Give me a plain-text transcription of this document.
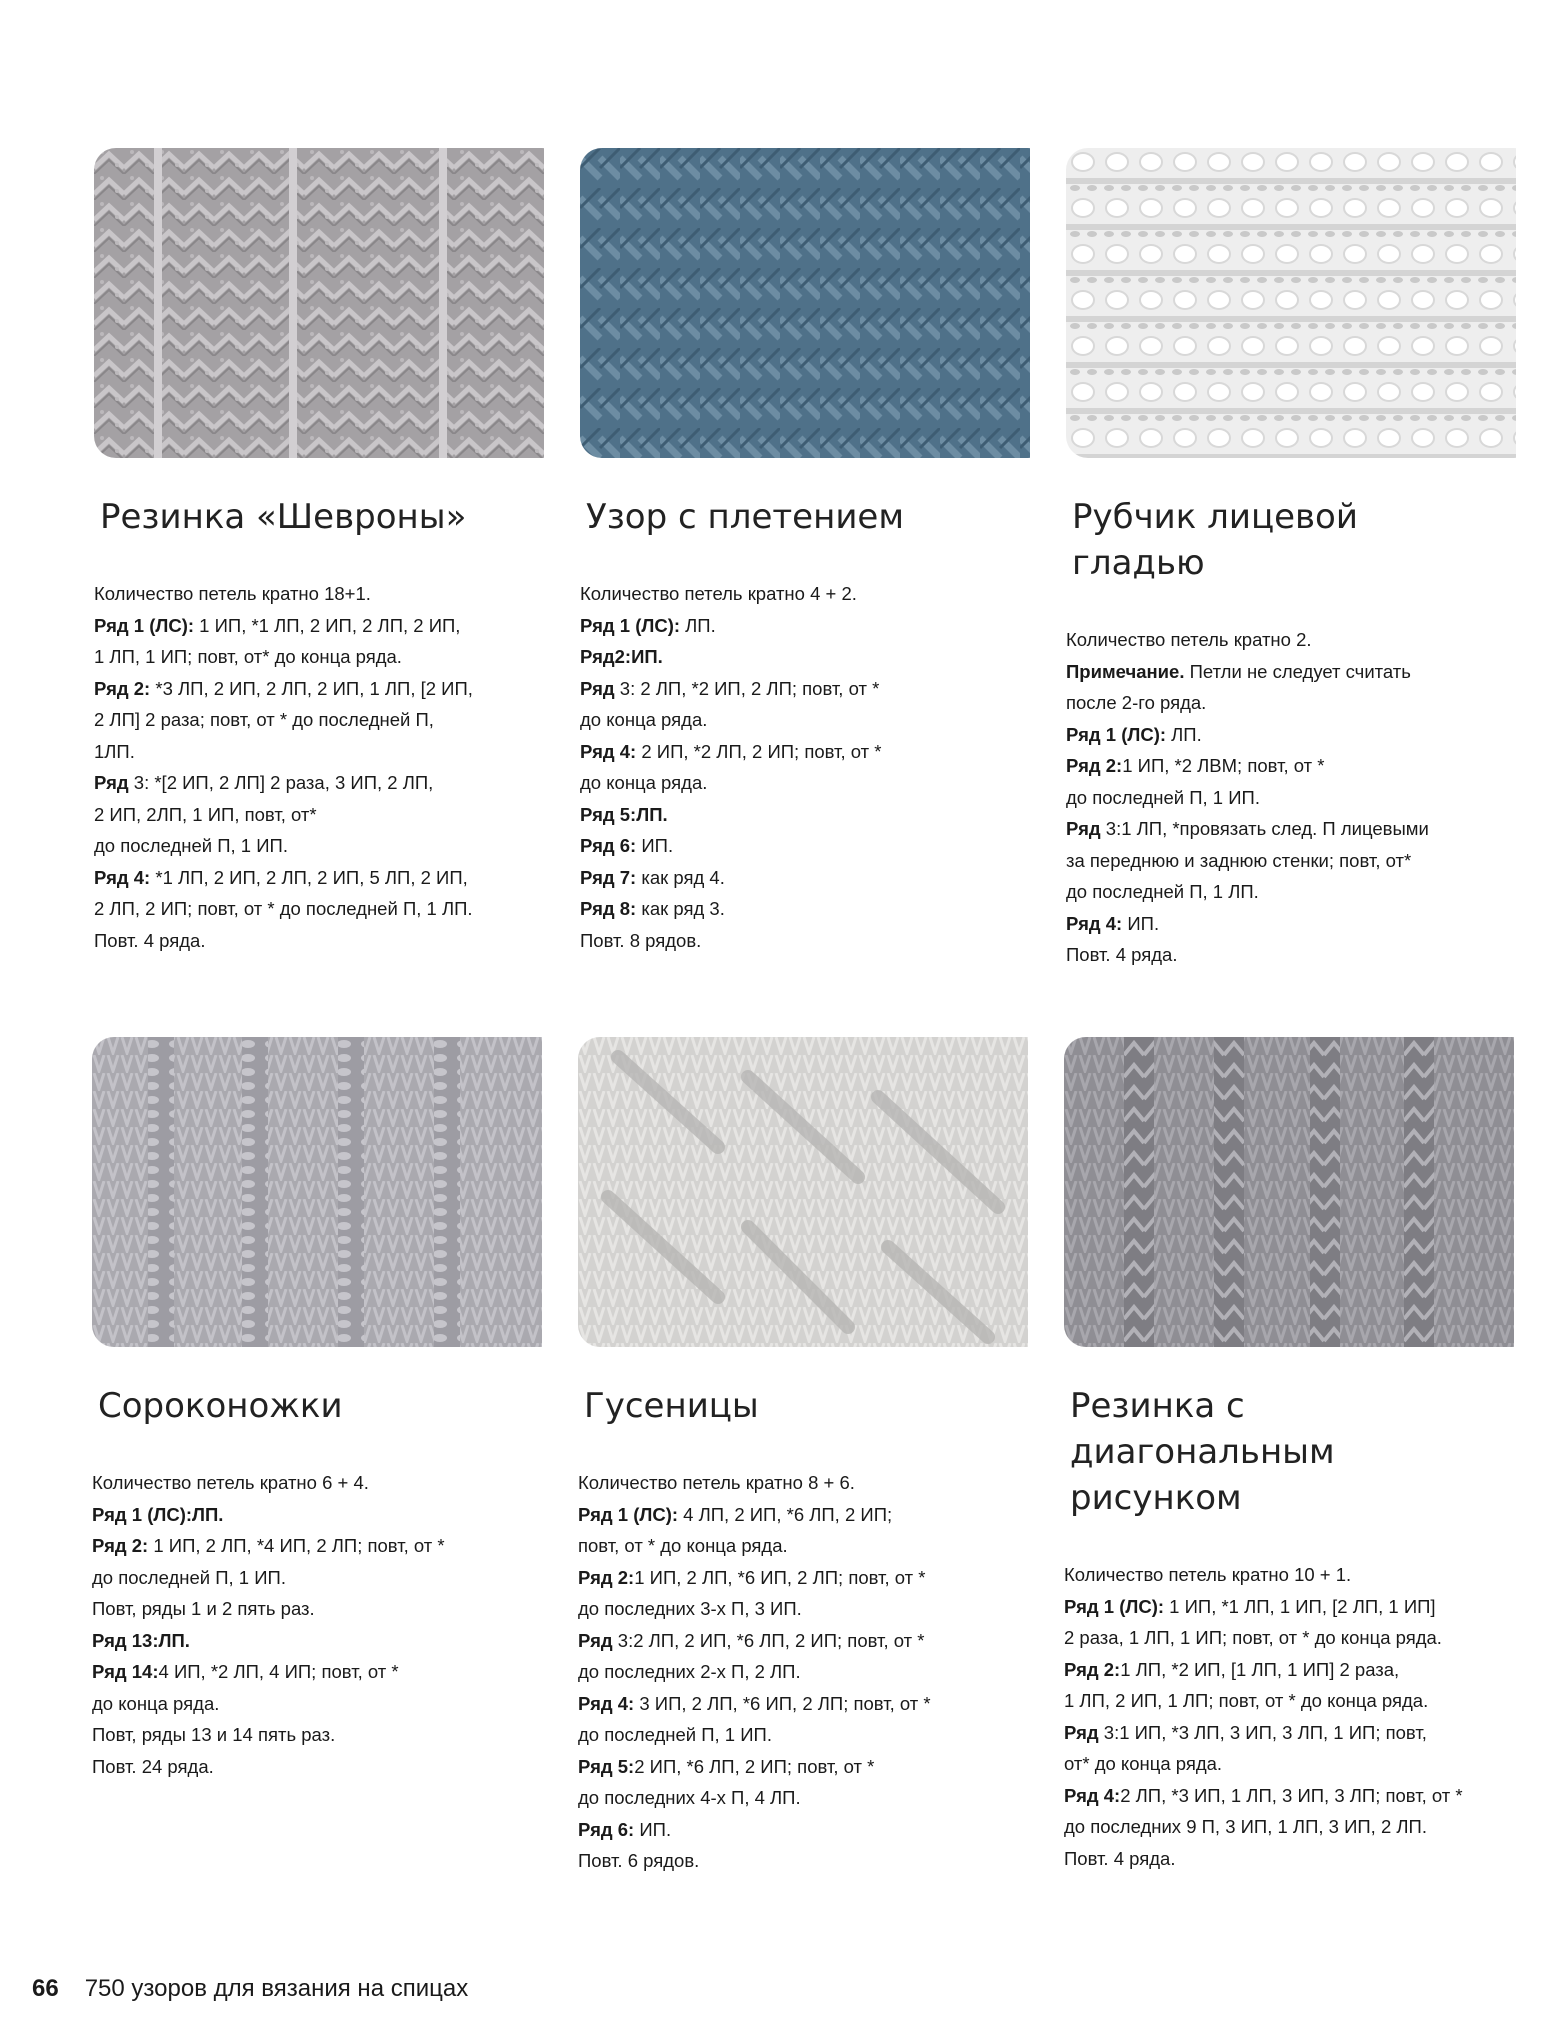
Резинка «Шевроны»
Количество петель кратно 18+1.
Ряд 1 (ЛС): 1 ИП, *1 ЛП, 2 ИП, 2 ЛП, 2 ИП,
1 ЛП, 1 ИП; повт, от* до конца ряда.
Ряд 2: *3 ЛП, 2 ИП, 2 ЛП, 2 ИП, 1 ЛП, [2 ИП,
2 ЛП] 2 раза; повт, от * до последней П,
1ЛП.
Ряд 3: *[2 ИП, 2 ЛП] 2 раза, 3 ИП, 2 ЛП,
2 ИП, 2ЛП, 1 ИП, повт, от*
до последней П, 1 ИП.
Ряд 4: *1 ЛП, 2 ИП, 2 ЛП, 2 ИП, 5 ЛП, 2 ИП,
2 ЛП, 2 ИП; повт, от * до последней П, 1 ЛП.
Повт. 4 ряда.
Узор с плетением
Количество петель кратно 4 + 2.
Ряд 1 (ЛС): ЛП.
Ряд2:ИП.
Ряд 3: 2 ЛП, *2 ИП, 2 ЛП; повт, от *
до конца ряда.
Ряд 4: 2 ИП, *2 ЛП, 2 ИП; повт, от *
до конца ряда.
Ряд 5:ЛП.
Ряд 6: ИП.
Ряд 7: как ряд 4.
Ряд 8: как ряд 3.
Повт. 8 рядов.
Рубчик лицевой гладью
Количество петель кратно 2.
Примечание. Петли не следует считать
после 2-го ряда.
Ряд 1 (ЛС): ЛП.
Ряд 2:1 ИП, *2 ЛВМ; повт, от *
до последней П, 1 ИП.
Ряд 3:1 ЛП, *провязать след. П лицевыми
за переднюю и заднюю стенки; повт, от*
до последней П, 1 ЛП.
Ряд 4: ИП.
Повт. 4 ряда.
Сороконожки
Количество петель кратно 6 + 4.
Ряд 1 (ЛС):ЛП.
Ряд 2: 1 ИП, 2 ЛП, *4 ИП, 2 ЛП; повт, от *
до последней П, 1 ИП.
Повт, ряды 1 и 2 пять раз.
Ряд 13:ЛП.
Ряд 14:4 ИП, *2 ЛП, 4 ИП; повт, от *
до конца ряда.
Повт, ряды 13 и 14 пять раз.
Повт. 24 ряда.
Гусеницы
Количество петель кратно 8 + 6.
Ряд 1 (ЛС): 4 ЛП, 2 ИП, *6 ЛП, 2 ИП;
повт, от * до конца ряда.
Ряд 2:1 ИП, 2 ЛП, *6 ИП, 2 ЛП; повт, от *
до последних 3-х П, 3 ИП.
Ряд 3:2 ЛП, 2 ИП, *6 ЛП, 2 ИП; повт, от *
до последних 2-х П, 2 ЛП.
Ряд 4: 3 ИП, 2 ЛП, *6 ИП, 2 ЛП; повт, от *
до последней П, 1 ИП.
Ряд 5:2 ИП, *6 ЛП, 2 ИП; повт, от *
до последних 4-х П, 4 ЛП.
Ряд 6: ИП.
Повт. 6 рядов.
Резинка с диагональным рисунком
Количество петель кратно 10 + 1.
Ряд 1 (ЛС): 1 ИП, *1 ЛП, 1 ИП, [2 ЛП, 1 ИП]
2 раза, 1 ЛП, 1 ИП; повт, от * до конца ряда.
Ряд 2:1 ЛП, *2 ИП, [1 ЛП, 1 ИП] 2 раза,
1 ЛП, 2 ИП, 1 ЛП; повт, от * до конца ряда.
Ряд 3:1 ИП, *3 ЛП, 3 ИП, 3 ЛП, 1 ИП; повт,
от* до конца ряда.
Ряд 4:2 ЛП, *3 ИП, 1 ЛП, 3 ИП, 3 ЛП; повт, от *
до последних 9 П, 3 ИП, 1 ЛП, 3 ИП, 2 ЛП.
Повт. 4 ряда.
66 750 узоров для вязания на спицах
